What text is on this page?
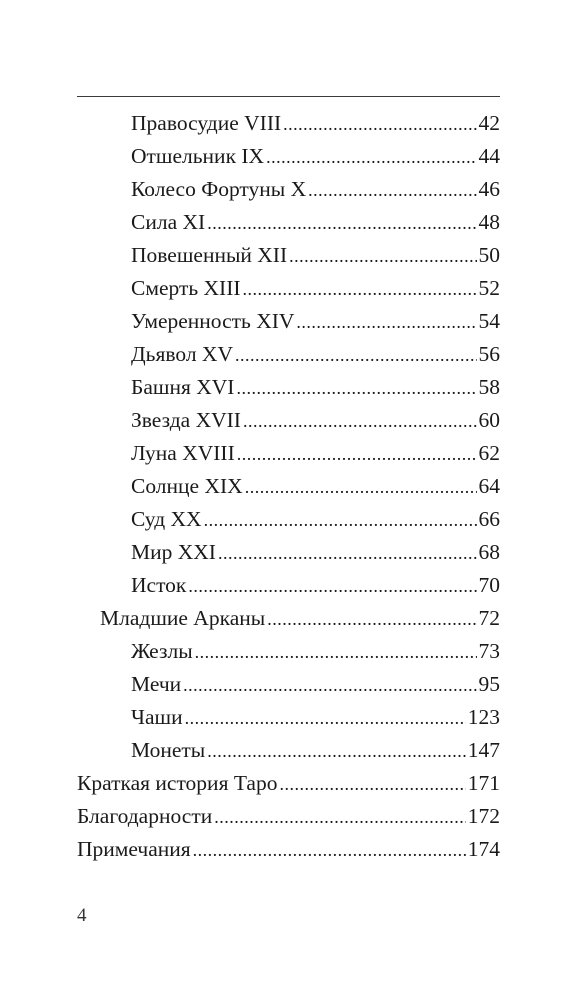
Правосудие VIII .....	42
Отшельник IX .....	44
Колесо Фортуны X .....	46
Сила XI .....	48
Повешенный XII .....	50
Смерть XIII .....	52
Умеренность XIV .....	54
Дьявол XV .....	56
Башня XVI .....	58
Звезда XVII .....	60
Луна XVIII .....	62
Солнце XIX .....	64
Суд XX .....	66
Мир XXI .....	68
Исток .....	70
Младшие Арканы .....	72
Жезлы .....	73
Мечи .....	95
Чаши .....	123
Монеты .....	147
Краткая история Таро .....	171
Благодарности .....	172
Примечания .....	174
4
